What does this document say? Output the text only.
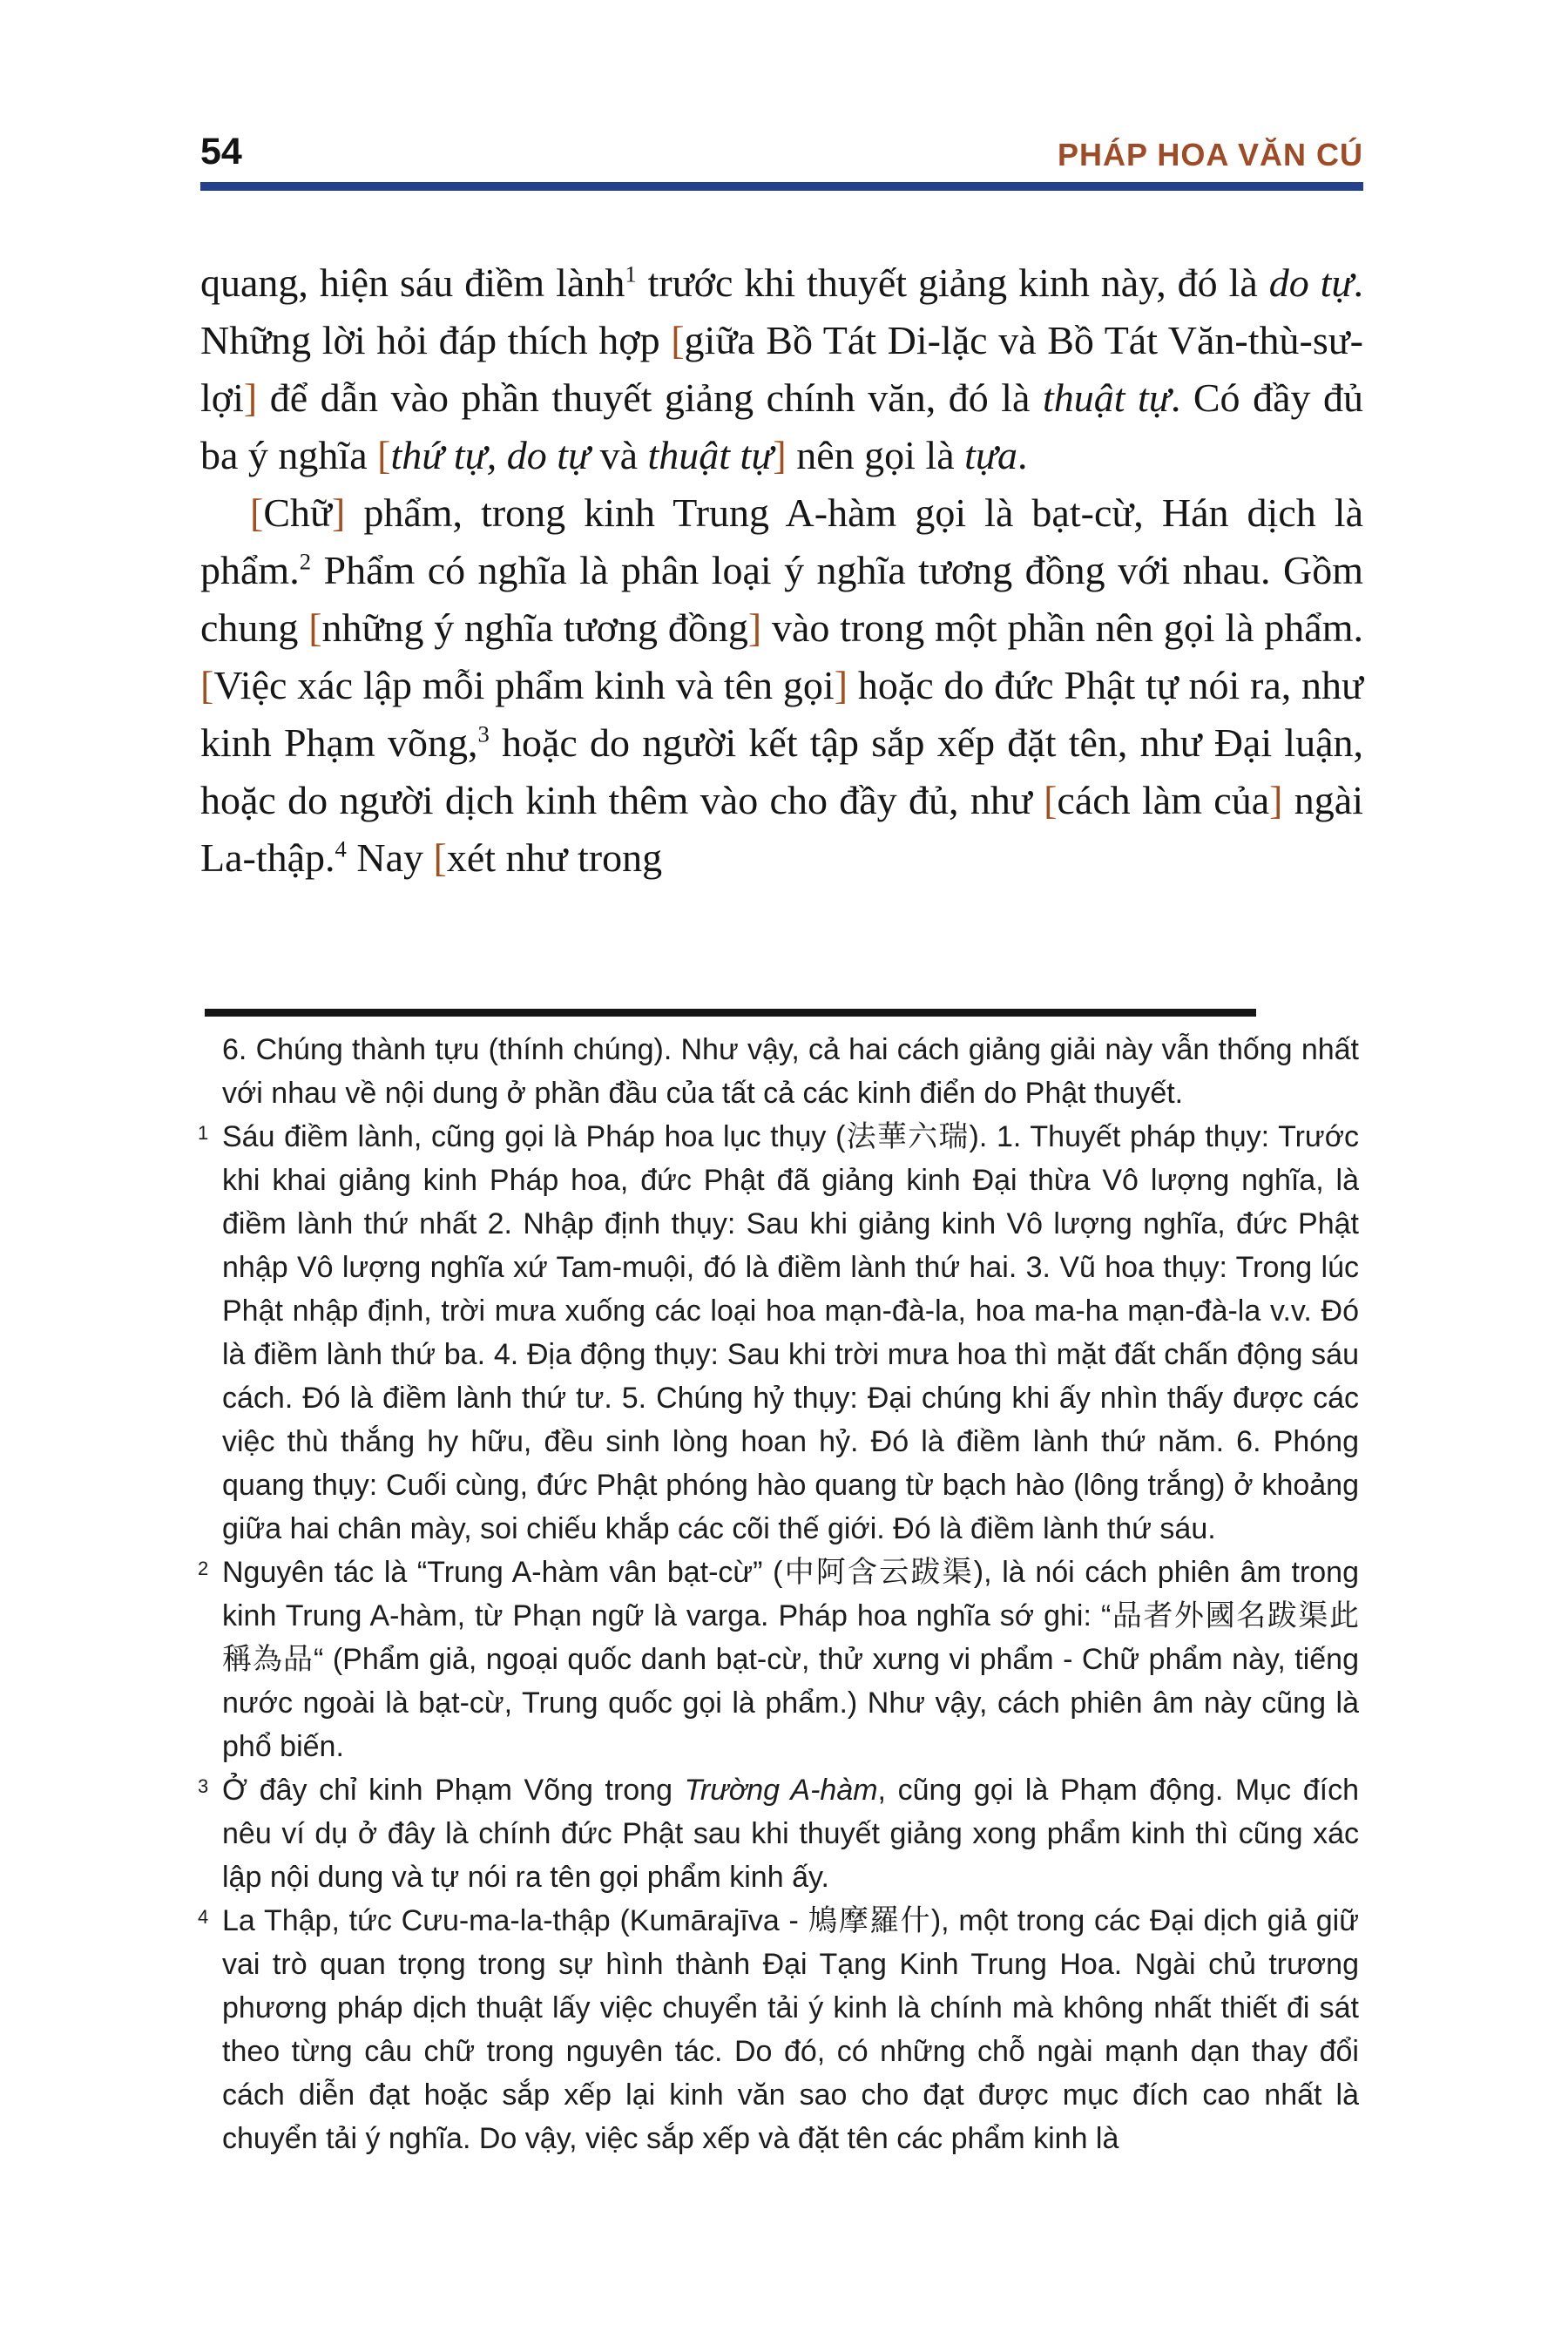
54	PHÁP HOA VĂN CÚ

quang, hiện sáu điềm lành$^1$ trước khi thuyết giảng kinh này, đó là do tự. Những lời hỏi đáp thích hợp [giữa Bồ Tát Di-lặc và Bồ Tát Văn-thù-sư-lợi] để dẫn vào phần thuyết giảng chính văn, đó là thuật tự. Có đầy đủ ba ý nghĩa [thứ tự, do tự và thuật tự] nên gọi là tựa.

[Chữ] phẩm, trong kinh Trung A-hàm gọi là bạt-cừ, Hán dịch là phẩm.$^2$ Phẩm có nghĩa là phân loại ý nghĩa tương đồng với nhau. Gồm chung [những ý nghĩa tương đồng] vào trong một phần nên gọi là phẩm. [Việc xác lập mỗi phẩm kinh và tên gọi] hoặc do đức Phật tự nói ra, như kinh Phạm võng,$^3$ hoặc do người kết tập sắp xếp đặt tên, như Đại luận, hoặc do người dịch kinh thêm vào cho đầy đủ, như [cách làm của] ngài La-thập.$^4$ Nay [xét như trong

6. Chúng thành tựu (thính chúng). Như vậy, cả hai cách giảng giải này vẫn thống nhất với nhau về nội dung ở phần đầu của tất cả các kinh điển do Phật thuyết.
1 Sáu điềm lành, cũng gọi là Pháp hoa lục thụy (法華六瑞). 1. Thuyết pháp thụy: Trước khi khai giảng kinh Pháp hoa, đức Phật đã giảng kinh Đại thừa Vô lượng nghĩa, là điềm lành thứ nhất 2. Nhập định thụy: Sau khi giảng kinh Vô lượng nghĩa, đức Phật nhập Vô lượng nghĩa xứ Tam-muội, đó là điềm lành thứ hai. 3. Vũ hoa thụy: Trong lúc Phật nhập định, trời mưa xuống các loại hoa mạn-đà-la, hoa ma-ha mạn-đà-la v.v. Đó là điềm lành thứ ba. 4. Địa động thụy: Sau khi trời mưa hoa thì mặt đất chấn động sáu cách. Đó là điềm lành thứ tư. 5. Chúng hỷ thụy: Đại chúng khi ấy nhìn thấy được các việc thù thắng hy hữu, đều sinh lòng hoan hỷ. Đó là điềm lành thứ năm. 6. Phóng quang thụy: Cuối cùng, đức Phật phóng hào quang từ bạch hào (lông trắng) ở khoảng giữa hai chân mày, soi chiếu khắp các cõi thế giới. Đó là điềm lành thứ sáu.
2 Nguyên tác là “Trung A-hàm vân bạt-cừ” (中阿含云跋渠), là nói cách phiên âm trong kinh Trung A-hàm, từ Phạn ngữ là varga. Pháp hoa nghĩa sớ ghi: “品者外國名跋渠此稱為品“ (Phẩm giả, ngoại quốc danh bạt-cừ, thử xưng vi phẩm - Chữ phẩm này, tiếng nước ngoài là bạt-cừ, Trung quốc gọi là phẩm.) Như vậy, cách phiên âm này cũng là phổ biến.
3 Ở đây chỉ kinh Phạm Võng trong Trường A-hàm, cũng gọi là Phạm động. Mục đích nêu ví dụ ở đây là chính đức Phật sau khi thuyết giảng xong phẩm kinh thì cũng xác lập nội dung và tự nói ra tên gọi phẩm kinh ấy.
4 La Thập, tức Cưu-ma-la-thập (Kumārajīva - 鳩摩羅什), một trong các Đại dịch giả giữ vai trò quan trọng trong sự hình thành Đại Tạng Kinh Trung Hoa. Ngài chủ trương phương pháp dịch thuật lấy việc chuyển tải ý kinh là chính mà không nhất thiết đi sát theo từng câu chữ trong nguyên tác. Do đó, có những chỗ ngài mạnh dạn thay đổi cách diễn đạt hoặc sắp xếp lại kinh văn sao cho đạt được mục đích cao nhất là chuyển tải ý nghĩa. Do vậy, việc sắp xếp và đặt tên các phẩm kinh là
